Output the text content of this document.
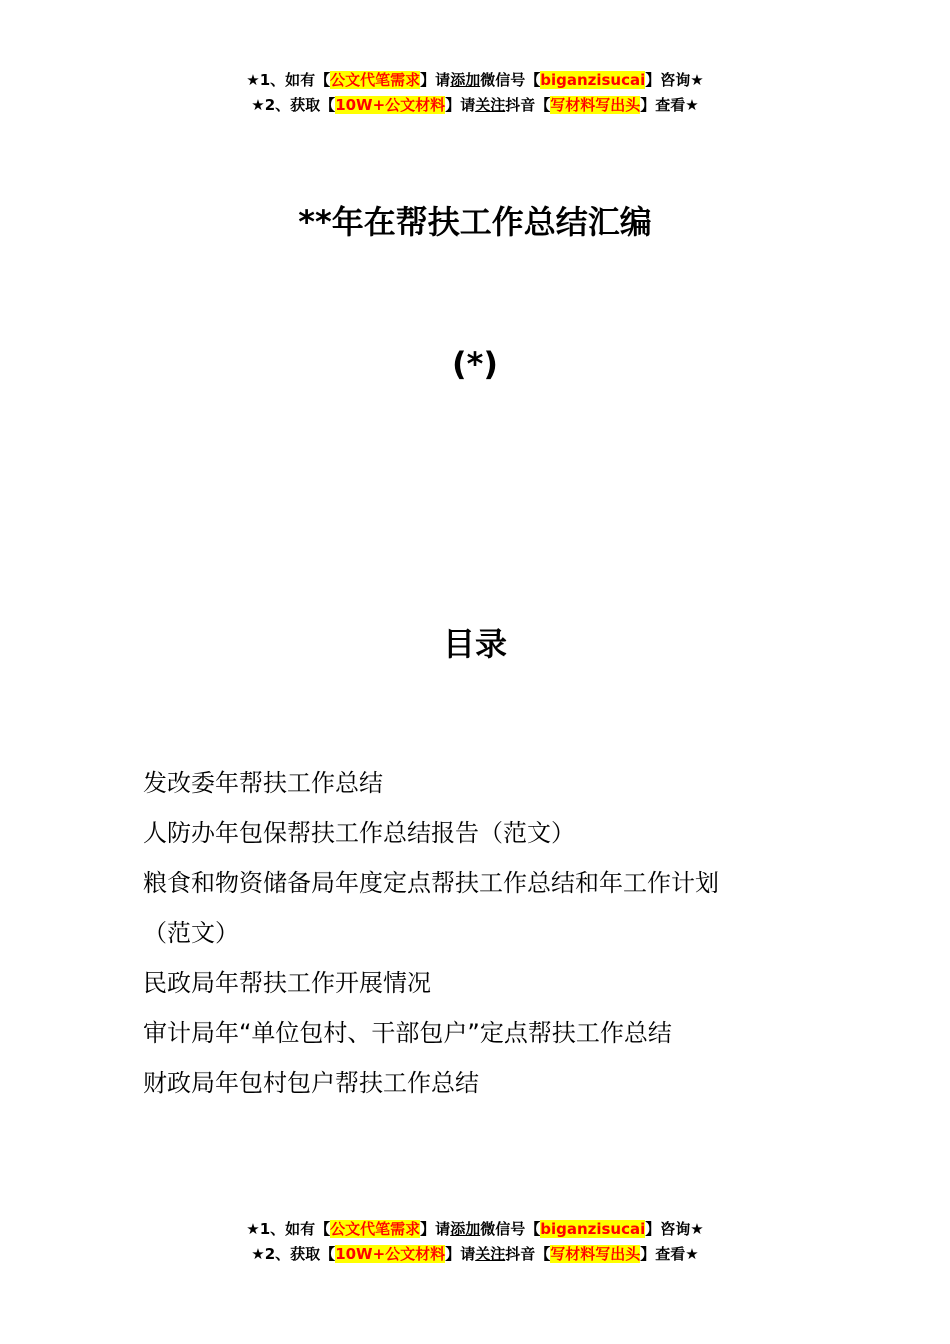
★1、如有【公文代笔需求】请添加微信号【biganzisucai】咨询★
★2、获取【10W+公文材料】请关注抖音【写材料写出头】查看★
**年在帮扶工作总结汇编
(*)
目录
发改委年帮扶工作总结
人防办年包保帮扶工作总结报告（范文）
粮食和物资储备局年度定点帮扶工作总结和年工作计划
（范文）
民政局年帮扶工作开展情况
审计局年“单位包村、干部包户”定点帮扶工作总结
财政局年包村包户帮扶工作总结
★1、如有【公文代笔需求】请添加微信号【biganzisucai】咨询★
★2、获取【10W+公文材料】请关注抖音【写材料写出头】查看★
